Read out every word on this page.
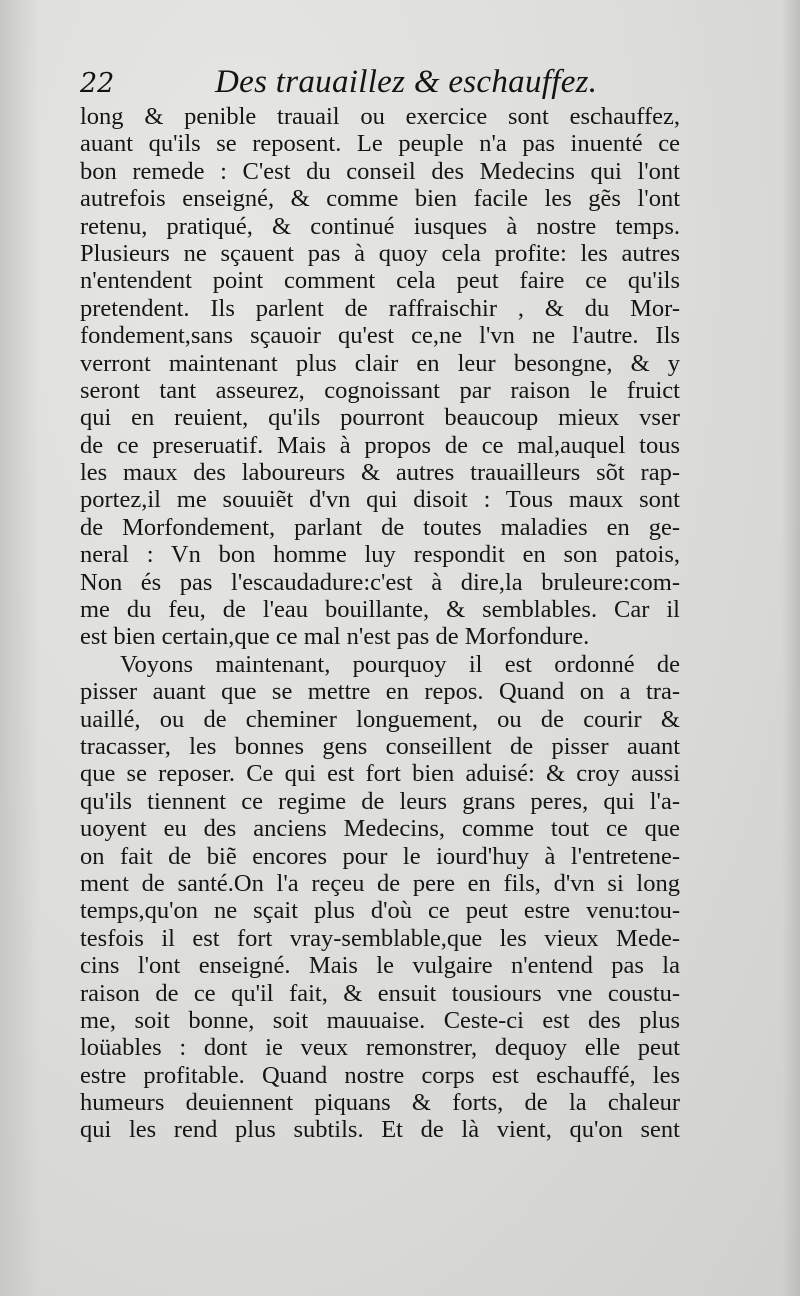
22	Des trauaillez & eschauffez.
long & penible trauail ou exercice sont eschauffez,
auant qu'ils se reposent. Le peuple n'a pas inuenté ce
bon remede : C'est du conseil des Medecins qui l'ont
autrefois enseigné, & comme bien facile les gẽs l'ont
retenu, pratiqué, & continué iusques à nostre temps.
Plusieurs ne sçauent pas à quoy cela profite: les autres
n'entendent point comment cela peut faire ce qu'ils
pretendent. Ils parlent de raffraischir , & du Mor-
fondement,sans sçauoir qu'est ce,ne l'vn ne l'autre. Ils
verront maintenant plus clair en leur besongne, & y
seront tant asseurez, cognoissant par raison le fruict
qui en reuient, qu'ils pourront beaucoup mieux vser
de ce preseruatif. Mais à propos de ce mal,auquel tous
les maux des laboureurs & autres trauailleurs sõt rap-
portez,il me souuiẽt d'vn qui disoit : Tous maux sont
de Morfondement, parlant de toutes maladies en ge-
neral : Vn bon homme luy respondit en son patois,
Non és pas l'escaudadure:c'est à dire,la bruleure:com-
me du feu, de l'eau bouillante, & semblables. Car il
est bien certain,que ce mal n'est pas de Morfondure.
Voyons maintenant, pourquoy il est ordonné de
pisser auant que se mettre en repos. Quand on a tra-
uaillé, ou de cheminer longuement, ou de courir &
tracasser, les bonnes gens conseillent de pisser auant
que se reposer. Ce qui est fort bien aduisé: & croy aussi
qu'ils tiennent ce regime de leurs grans peres, qui l'a-
uoyent eu des anciens Medecins, comme tout ce que
on fait de biẽ encores pour le iourd'huy à l'entretene-
ment de santé.On l'a reçeu de pere en fils, d'vn si long
temps,qu'on ne sçait plus d'où ce peut estre venu:tou-
tesfois il est fort vray-semblable,que les vieux Mede-
cins l'ont enseigné. Mais le vulgaire n'entend pas la
raison de ce qu'il fait, & ensuit tousiours vne coustu-
me, soit bonne, soit mauuaise. Ceste-ci est des plus
loüables : dont ie veux remonstrer, dequoy elle peut
estre profitable. Quand nostre corps est eschauffé, les
humeurs deuiennent piquans & forts, de la chaleur
qui les rend plus subtils. Et de là vient, qu'on sent
